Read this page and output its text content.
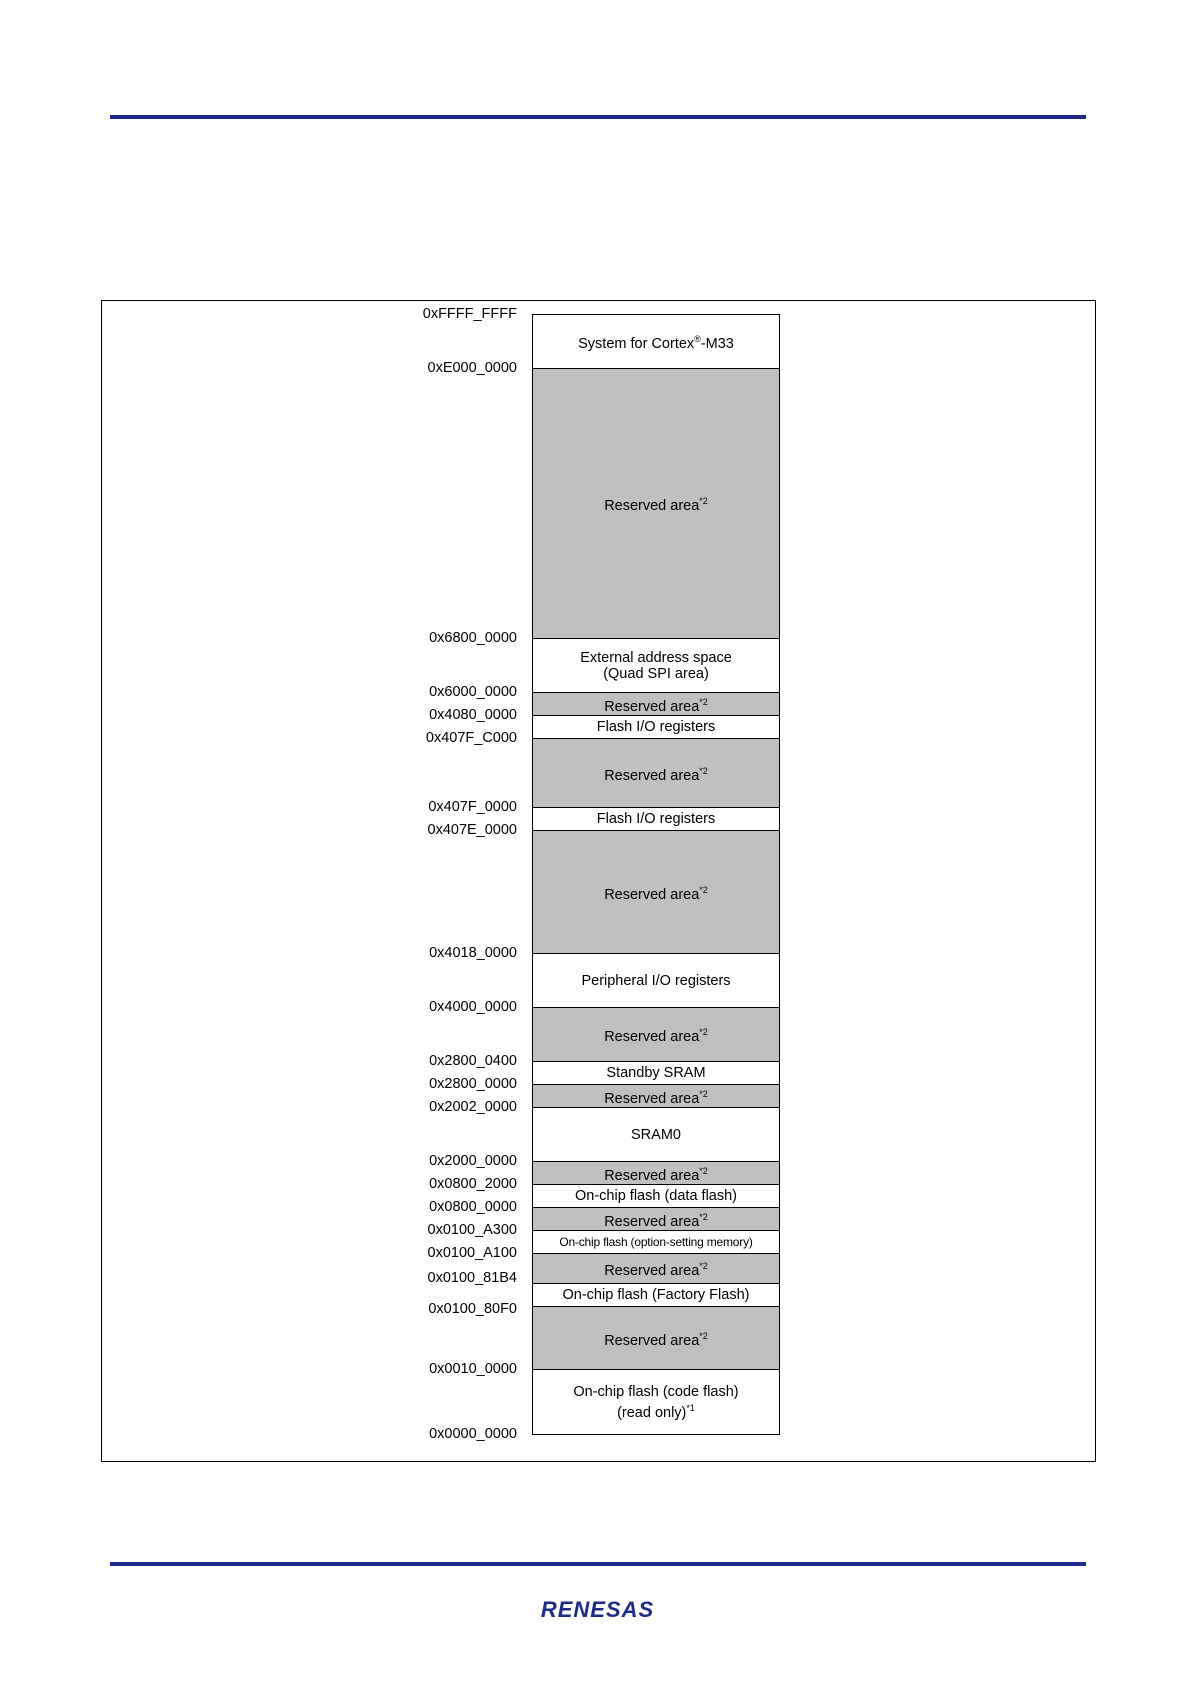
0xFFFF_FFFF
0xE000_0000
0x6800_0000
0x6000_0000
0x4080_0000
0x407F_C000
0x407F_0000
0x407E_0000
0x4018_0000
0x4000_0000
0x2800_0400
0x2800_0000
0x2002_0000
0x2000_0000
0x0800_2000
0x0800_0000
0x0100_A300
0x0100_A100
0x0100_81B4
0x0100_80F0
0x0010_0000
0x0000_0000
System for Cortex®-M33
Reserved area$^{*2}$
External address space
(Quad SPI area)
Reserved area$^{*2}$
Flash I/O registers
Reserved area$^{*2}$
Flash I/O registers
Reserved area$^{*2}$
Peripheral I/O registers
Reserved area$^{*2}$
Standby SRAM
Reserved area$^{*2}$
SRAM0
Reserved area$^{*2}$
On-chip flash (data flash)
Reserved area$^{*2}$
On-chip flash (option-setting memory)
Reserved area$^{*2}$
On-chip flash (Factory Flash)
Reserved area$^{*2}$
On-chip flash (code flash)
(read only)$^{*1}$
RENESAS
